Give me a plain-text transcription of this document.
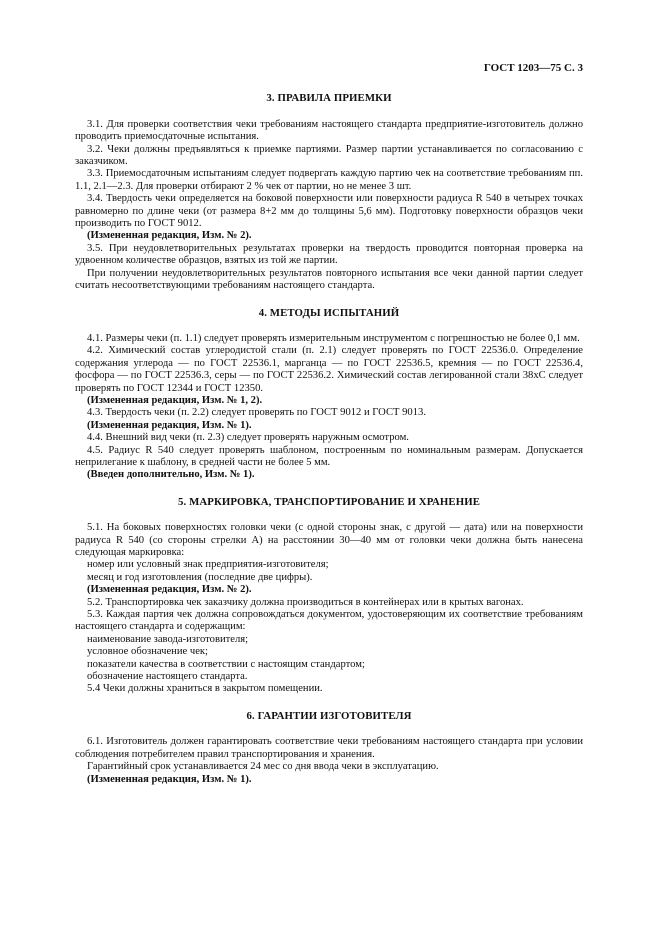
ГОСТ 1203—75 С. 3
3. ПРАВИЛА ПРИЕМКИ

3.1. Для проверки соответствия чеки требованиям настоящего стандарта предприятие-изготовитель должно проводить приемосдаточные испытания.

3.2. Чеки должны предъявляться к приемке партиями. Размер партии устанавливается по согласованию с заказчиком.

3.3. Приемосдаточным испытаниям следует подвергать каждую партию чек на соответствие требованиям пп. 1.1, 2.1—2.3. Для проверки отбирают 2 % чек от партии, но не менее 3 шт.

3.4. Твердость чеки определяется на боковой поверхности или поверхности радиуса R 540 в четырех точках равномерно по длине чеки (от размера 8+2 мм до толщины 5,6 мм). Подготовку поверхности образцов чеки производить по ГОСТ 9012.

(Измененная редакция, Изм. № 2).

3.5. При неудовлетворительных результатах проверки на твердость проводится повторная проверка на удвоенном количестве образцов, взятых из той же партии.

При получении неудовлетворительных результатов повторного испытания все чеки данной партии следует считать несоответствующими требованиям настоящего стандарта.

4. МЕТОДЫ ИСПЫТАНИЙ

4.1. Размеры чеки (п. 1.1) следует проверять измерительным инструментом с погрешностью не более 0,1 мм.

4.2. Химический состав углеродистой стали (п. 2.1) следует проверять по ГОСТ 22536.0. Определение содержания углерода — по ГОСТ 22536.1, марганца — по ГОСТ 22536.5, кремния — по ГОСТ 22536.4, фосфора — по ГОСТ 22536.3, серы — по ГОСТ 22536.2. Химический состав легированной стали 38хС следует проверять по ГОСТ 12344 и ГОСТ 12350.

(Измененная редакция, Изм. № 1, 2).

4.3. Твердость чеки (п. 2.2) следует проверять по ГОСТ 9012 и ГОСТ 9013.

(Измененная редакция, Изм. № 1).

4.4. Внешний вид чеки (п. 2.3) следует проверять наружным осмотром.

4.5. Радиус R 540 следует проверять шаблоном, построенным по номинальным размерам. Допускается неприлегание к шаблону, в средней части не более 5 мм.

(Введен дополнительно, Изм. № 1).

5. МАРКИРОВКА, ТРАНСПОРТИРОВАНИЕ И ХРАНЕНИЕ

5.1. На боковых поверхностях головки чеки (с одной стороны знак, с другой — дата) или на поверхности радиуса R 540 (со стороны стрелки А) на расстоянии 30—40 мм от головки чеки должна быть нанесена следующая маркировка:

номер или условный знак предприятия-изготовителя;

месяц и год изготовления (последние две цифры).

(Измененная редакция, Изм. № 2).

5.2. Транспортировка чек заказчику должна производиться в контейнерах или в крытых вагонах.

5.3. Каждая партия чек должна сопровождаться документом, удостоверяющим их соответствие требованиям настоящего стандарта и содержащим:

наименование завода-изготовителя;

условное обозначение чек;

показатели качества в соответствии с настоящим стандартом;

обозначение настоящего стандарта.

5.4 Чеки должны храниться в закрытом помещении.

6. ГАРАНТИИ ИЗГОТОВИТЕЛЯ

6.1. Изготовитель должен гарантировать соответствие чеки требованиям настоящего стандарта при условии соблюдения потребителем правил транспортирования и хранения.

Гарантийный срок устанавливается 24 мес со дня ввода чеки в эксплуатацию.

(Измененная редакция, Изм. № 1).
